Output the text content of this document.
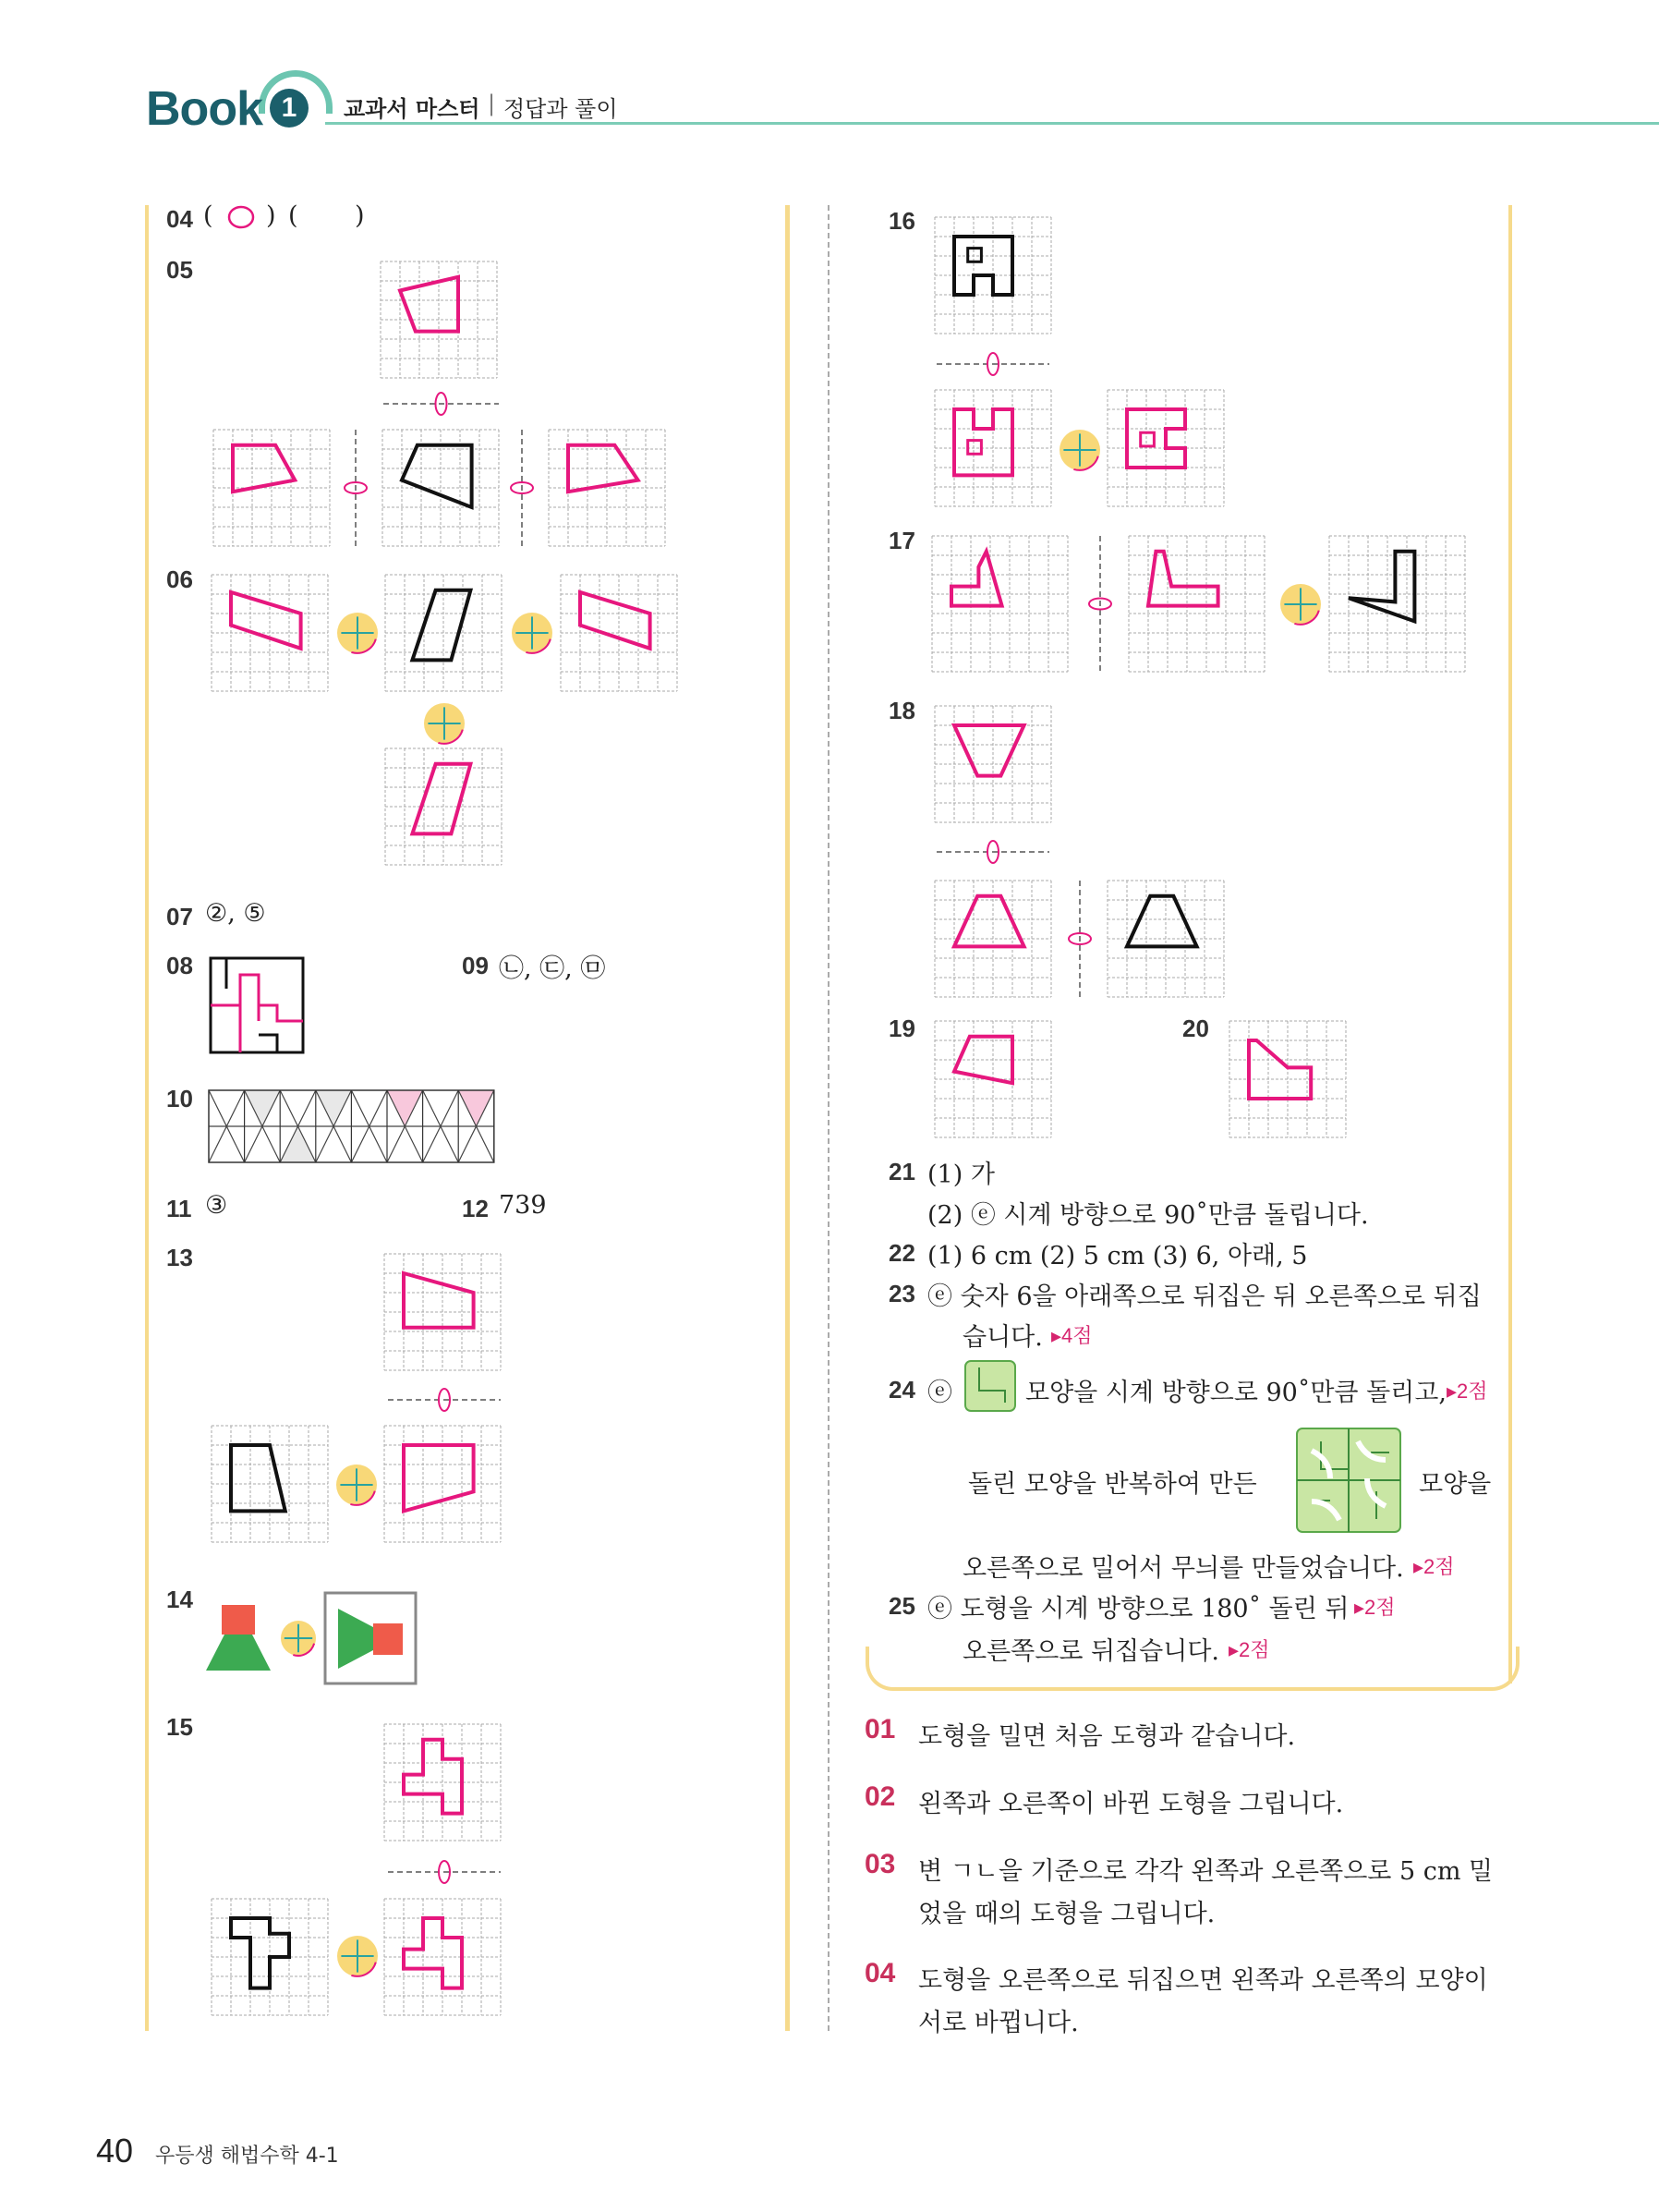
Book 1	교과서 마스터 | 정답과 풀이
04 ( ) ( )
05
06
07 ②, ⑤
08	09 ㉡, ㉢, ㉤
10
11 ③	12 739
13
14
15
16
17
18
19	20
21 (1) 가
(2) ⓔ 시계 방향으로 90˚만큼 돌립니다.
22 (1) 6 cm (2) 5 cm (3) 6, 아래, 5
23 ⓔ 숫자 6을 아래쪽으로 뒤집은 뒤 오른쪽으로 뒤집
습니다. ▸4점
24 ⓔ	모양을 시계 방향으로 90˚만큼 돌리고, ▸2점
돌린 모양을 반복하여 만든	모양을
오른쪽으로 밀어서 무늬를 만들었습니다. ▸2점
25 ⓔ 도형을 시계 방향으로 180˚ 돌린 뒤 ▸2점
오른쪽으로 뒤집습니다. ▸2점
01 도형을 밀면 처음 도형과 같습니다.
02 왼쪽과 오른쪽이 바뀐 도형을 그립니다.
03 변 ㄱㄴ을 기준으로 각각 왼쪽과 오른쪽으로 5 cm 밀
었을 때의 도형을 그립니다.
04 도형을 오른쪽으로 뒤집으면 왼쪽과 오른쪽의 모양이
서로 바뀝니다.
40 우등생 해법수학 4-1
